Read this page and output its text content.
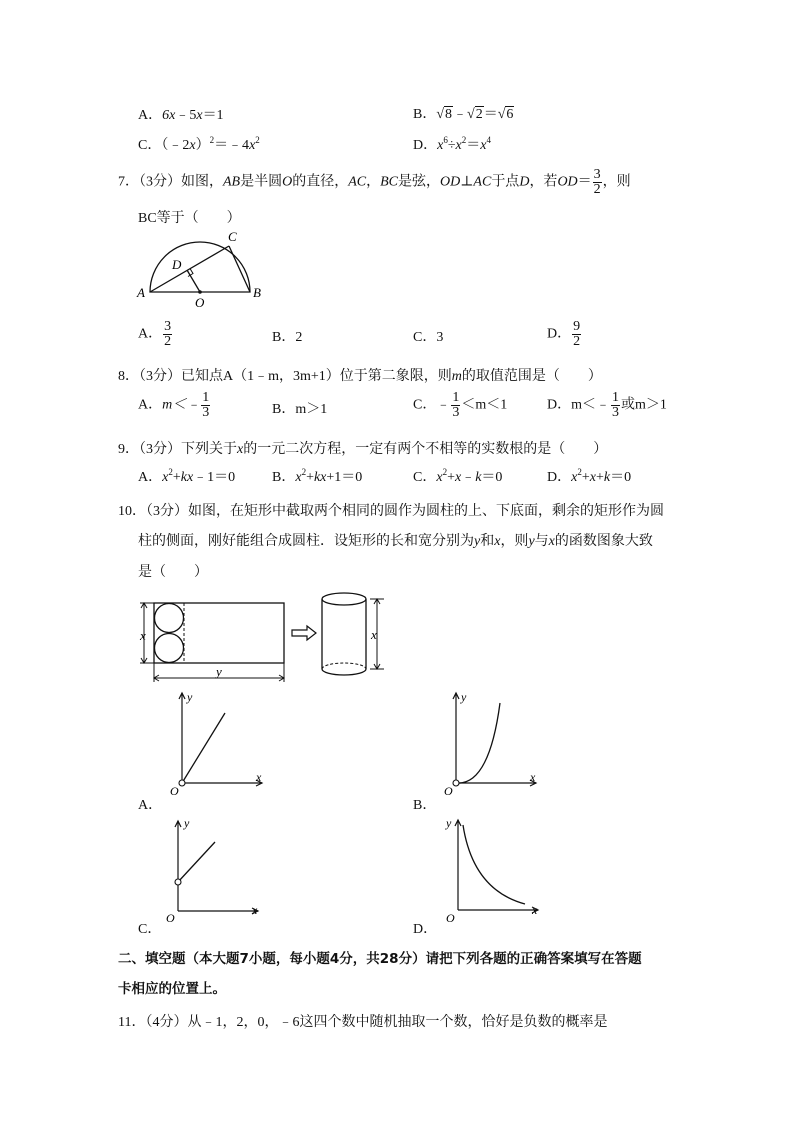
A．6x﹣5x＝1	B．√8﹣√2＝√6
C．$(﹣2x)^2=﹣4x^2$	D．$x^6\div x^2=x^4$
7．（3分）如图，AB是半圆O的直径，AC，BC是弦，OD⊥AC于点D，若$OD= \frac{3}{2}$ ，则
BC等于（　　）
A	B
C
D
O
A． $\frac{3}{2}$	B．2	C．3	D． $\frac{9}{2}$
8．（3分）已知点A（1﹣m，3m+1）位于第二象限，则m的取值范围是（　　）
A．m＜﹣ $\frac{1}{3}$	B．m＞1	C．﹣ $\frac{1}{3} <m<1$	D．m＜﹣ $\frac{1}{3}$ 或m＞1
9．（3分）下列关于x的一元二次方程，一定有两个不相等的实数根的是（　　）
A．$x^2+kx﹣1=0$	B．$x^2+kx+1=0$	C．$x^2+x﹣k=0$	D．$x^2+x+k=0$
10．（3分）如图，在矩形中截取两个相同的圆作为圆柱的上、下底面，剩余的矩形作为圆
柱的侧面，刚好能组合成圆柱．设矩形的长和宽分别为y和x，则y与x的函数图象大致
是（　　）
x
y
x
y
x
O
A．
y
x
O
B．
y
x
O
C．
y
x
O
D．
二、填空题（本大题7小题，每小题4分，共28分）请把下列各题的正确答案填写在答题
卡相应的位置上。
11．（4分）从﹣1，2，0，﹣6这四个数中随机抽取一个数，恰好是负数的概率是
